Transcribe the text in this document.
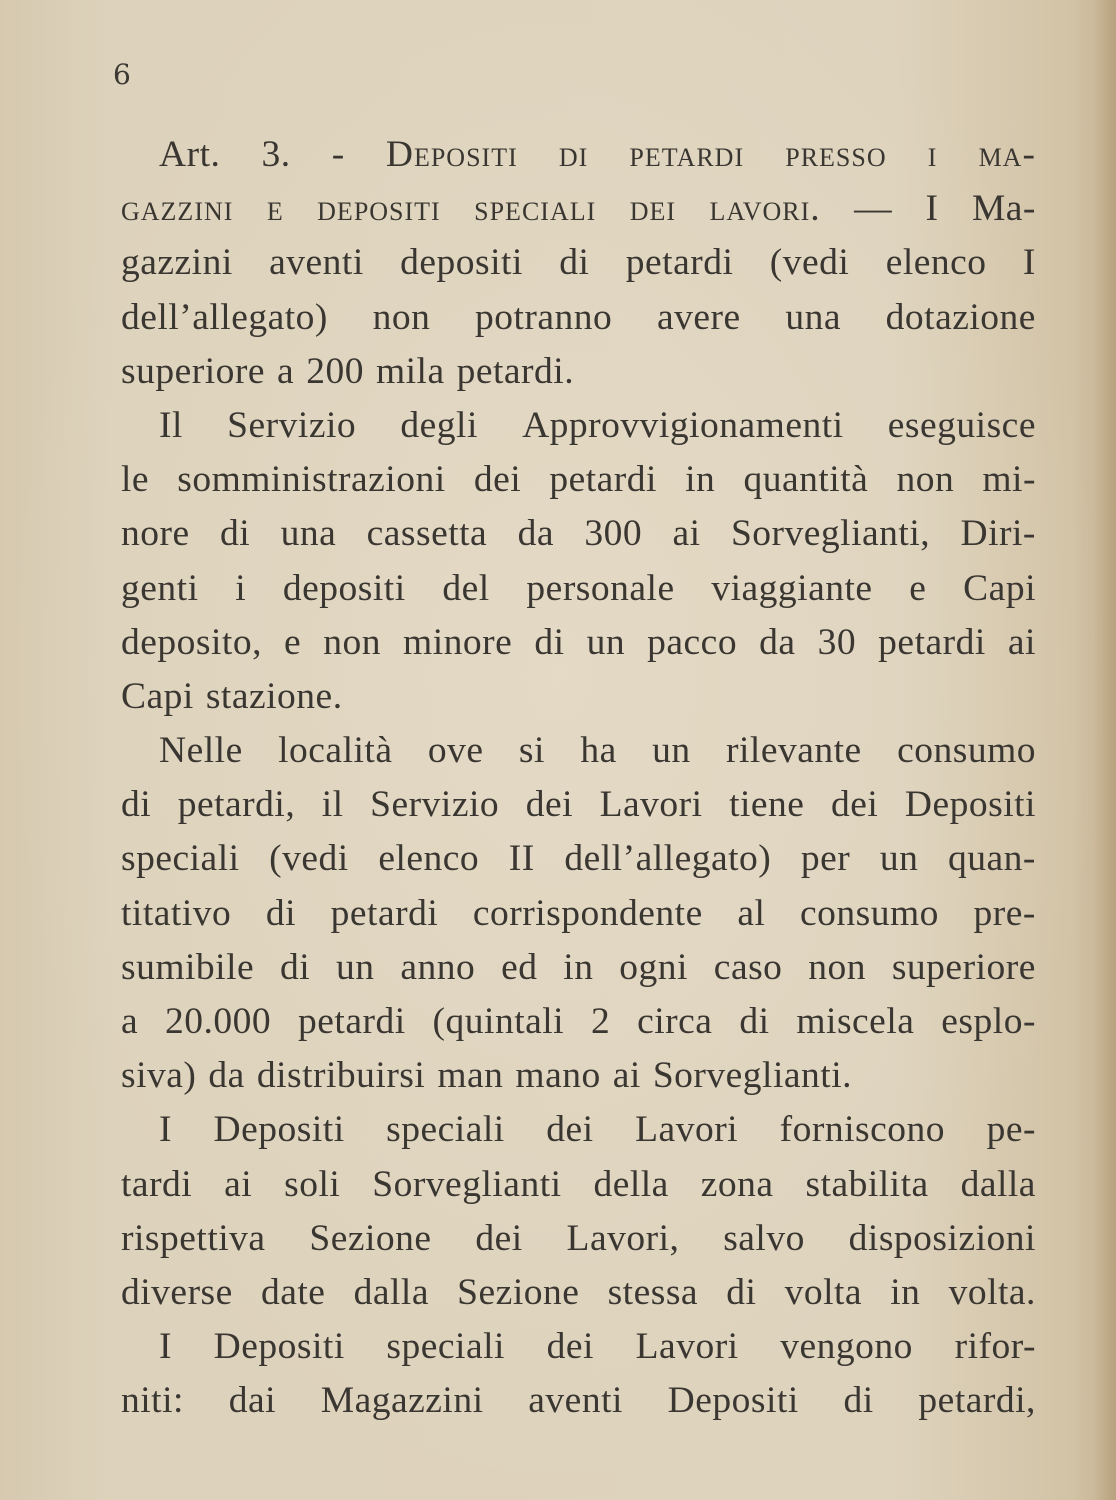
6
Art. 3. - Depositi di petardi presso i ma-
gazzini e depositi speciali dei lavori. — I Ma-
gazzini aventi depositi di petardi (vedi elenco I
dell’allegato) non potranno avere una dotazione
superiore a 200 mila petardi.
Il Servizio degli Approvvigionamenti eseguisce
le somministrazioni dei petardi in quantità non mi-
nore di una cassetta da 300 ai Sorveglianti, Diri-
genti i depositi del personale viaggiante e Capi
deposito, e non minore di un pacco da 30 petardi ai
Capi stazione.
Nelle località ove si ha un rilevante consumo
di petardi, il Servizio dei Lavori tiene dei Depositi
speciali (vedi elenco II dell’allegato) per un quan-
titativo di petardi corrispondente al consumo pre-
sumibile di un anno ed in ogni caso non superiore
a 20.000 petardi (quintali 2 circa di miscela esplo-
siva) da distribuirsi man mano ai Sorveglianti.
I Depositi speciali dei Lavori forniscono pe-
tardi ai soli Sorveglianti della zona stabilita dalla
rispettiva Sezione dei Lavori, salvo disposizioni
diverse date dalla Sezione stessa di volta in volta.
I Depositi speciali dei Lavori vengono rifor-
niti: dai Magazzini aventi Depositi di petardi,
